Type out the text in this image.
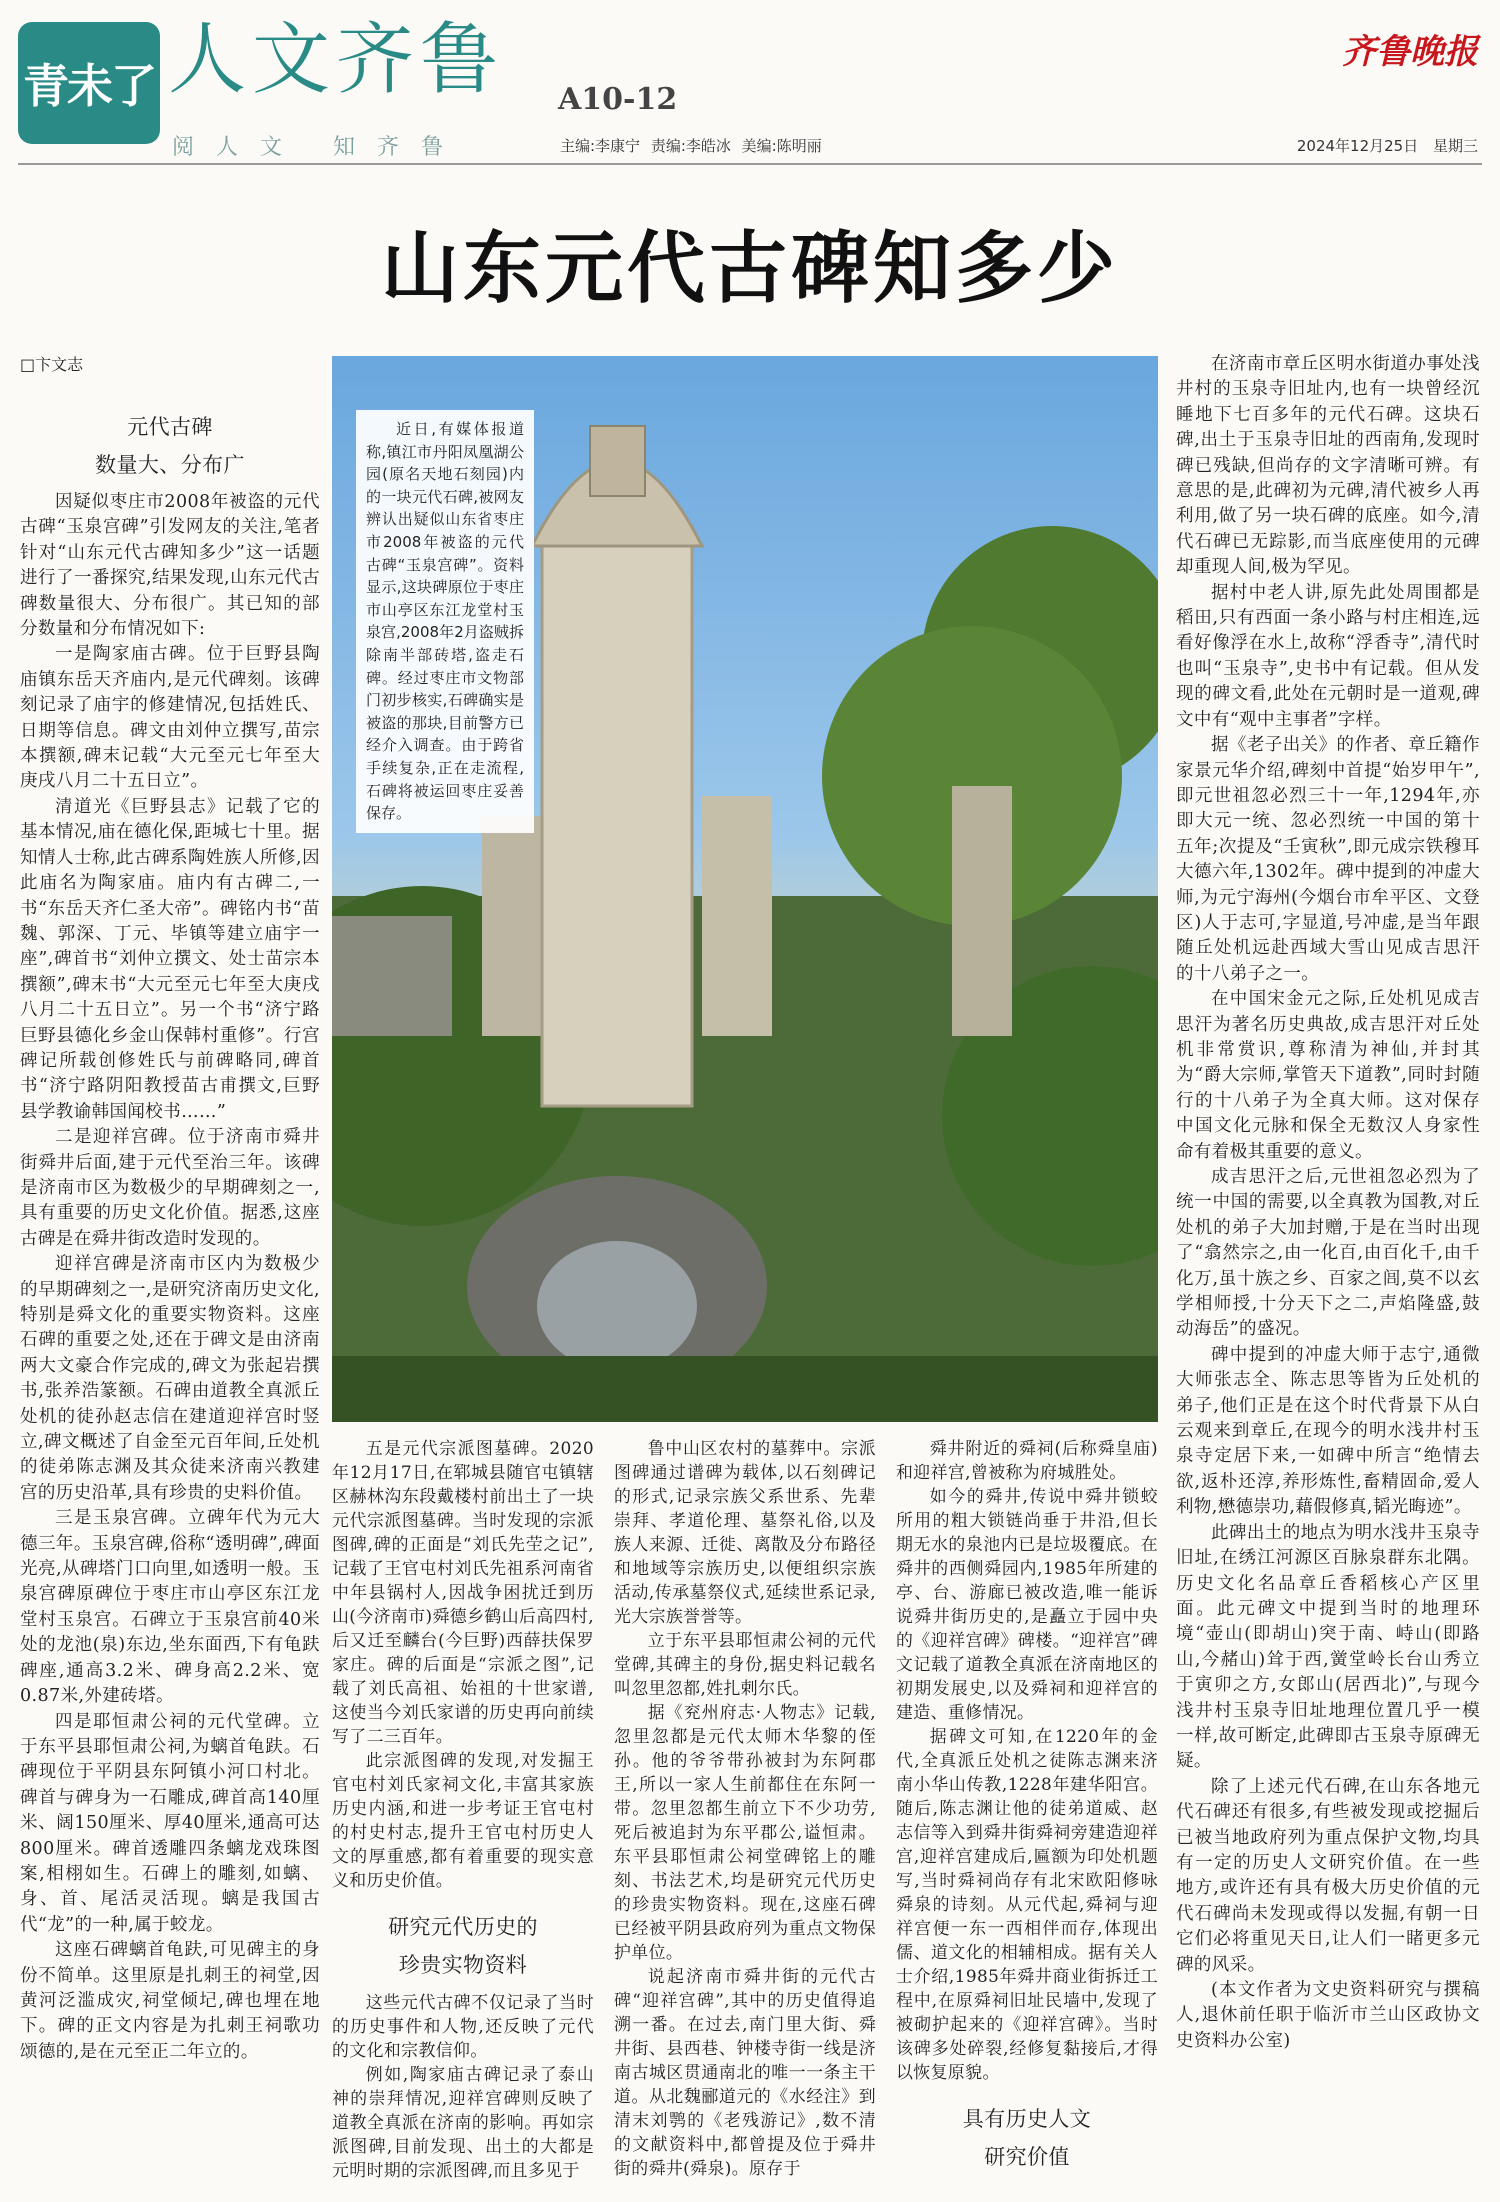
青未了 人文齐鲁
阅人文 知齐鲁
A10-12
主编:李康宁 责编:李皓冰 美编:陈明丽
齐鲁晚报
2024年12月25日 星期三
山东元代古碑知多少
□卞文志
元代古碑
数量大、分布广

因疑似枣庄市2008年被盗的元代古碑“玉泉宫碑”引发网友的关注,笔者针对“山东元代古碑知多少”这一话题进行了一番探究,结果发现,山东元代古碑数量很大、分布很广。其已知的部分数量和分布情况如下:

一是陶家庙古碑。位于巨野县陶庙镇东岳天齐庙内,是元代碑刻。该碑刻记录了庙宇的修建情况,包括姓氏、日期等信息。碑文由刘仲立撰写,苗宗本撰额,碑末记载“大元至元七年至大庚戌八月二十五日立”。

清道光《巨野县志》记载了它的基本情况,庙在德化保,距城七十里。据知情人士称,此古碑系陶姓族人所修,因此庙名为陶家庙。庙内有古碑二,一书“东岳天齐仁圣大帝”。碑铭内书“苗魏、郭深、丁元、毕镇等建立庙宇一座”,碑首书“刘仲立撰文、处士苗宗本撰额”,碑末书“大元至元七年至大庚戌八月二十五日立”。另一个书“济宁路巨野县德化乡金山保韩村重修”。行宫碑记所载创修姓氏与前碑略同,碑首书“济宁路阴阳教授苗古甫撰文,巨野县学教谕韩国闻校书……”

二是迎祥宫碑。位于济南市舜井街舜井后面,建于元代至治三年。该碑是济南市区为数极少的早期碑刻之一,具有重要的历史文化价值。据悉,这座古碑是在舜井街改造时发现的。

迎祥宫碑是济南市区内为数极少的早期碑刻之一,是研究济南历史文化,特别是舜文化的重要实物资料。这座石碑的重要之处,还在于碑文是由济南两大文豪合作完成的,碑文为张起岩撰书,张养浩篆额。石碑由道教全真派丘处机的徒孙赵志信在建道迎祥宫时竖立,碑文概述了自金至元百年间,丘处机的徒弟陈志渊及其众徒来济南兴教建宫的历史沿革,具有珍贵的史料价值。

三是玉泉宫碑。立碑年代为元大德三年。玉泉宫碑,俗称“透明碑”,碑面光亮,从碑塔门口向里,如透明一般。玉泉宫碑原碑位于枣庄市山亭区东江龙堂村玉泉宫。石碑立于玉泉宫前40米处的龙池(泉)东边,坐东面西,下有龟趺碑座,通高3.2米、碑身高2.2米、宽0.87米,外建砖塔。

四是耶恒肃公祠的元代堂碑。立于东平县耶恒肃公祠,为螭首龟趺。石碑现位于平阴县东阿镇小河口村北。碑首与碑身为一石雕成,碑首高140厘米、阔150厘米、厚40厘米,通高可达800厘米。碑首透雕四条螭龙戏珠图案,相栩如生。石碑上的雕刻,如螭、身、首、尾活灵活现。螭是我国古代“龙”的一种,属于蛟龙。

这座石碑螭首龟趺,可见碑主的身份不简单。这里原是扎刺王的祠堂,因黄河泛滥成灾,祠堂倾圮,碑也埋在地下。碑的正文内容是为扎刺王祠歌功颂德的,是在元至正二年立的。

近日,有媒体报道称,镇江市丹阳凤凰湖公园(原名天地石刻园)内的一块元代石碑,被网友辨认出疑似山东省枣庄市2008年被盗的元代古碑“玉泉宫碑”。资料显示,这块碑原位于枣庄市山亭区东江龙堂村玉泉宫,2008年2月盗贼拆除南半部砖塔,盗走石碑。经过枣庄市文物部门初步核实,石碑确实是被盗的那块,目前警方已经介入调查。由于跨省手续复杂,正在走流程,石碑将被运回枣庄妥善保存。

五是元代宗派图墓碑。2020年12月17日,在郓城县随官屯镇辖区赫林沟东段戴楼村前出土了一块元代宗派图墓碑。当时发现的宗派图碑,碑的正面是“刘氏先茔之记”,记载了王官屯村刘氏先祖系河南省中年县锅村人,因战争困扰迁到历山(今济南市)舜德乡鹤山后高四村,后又迁至麟台(今巨野)西薛扶保罗家庄。碑的后面是“宗派之图”,记载了刘氏高祖、始祖的十世家谱,这使当今刘氏家谱的历史再向前续写了二三百年。

此宗派图碑的发现,对发掘王官屯村刘氏家祠文化,丰富其家族历史内涵,和进一步考证王官屯村的村史村志,提升王官屯村历史人文的厚重感,都有着重要的现实意义和历史价值。

研究元代历史的
珍贵实物资料

这些元代古碑不仅记录了当时的历史事件和人物,还反映了元代的文化和宗教信仰。

例如,陶家庙古碑记录了泰山神的崇拜情况,迎祥宫碑则反映了道教全真派在济南的影响。再如宗派图碑,目前发现、出土的大都是元明时期的宗派图碑,而且多见于

鲁中山区农村的墓葬中。宗派图碑通过谱碑为载体,以石刻碑记的形式,记录宗族父系世系、先辈崇拜、孝道伦理、墓祭礼俗,以及族人来源、迁徙、离散及分布路径和地域等宗族历史,以便组织宗族活动,传承墓祭仪式,延续世系记录,光大宗族誉誉等。

立于东平县耶恒肃公祠的元代堂碑,其碑主的身份,据史料记载名叫忽里忽都,姓扎剌尔氏。

据《兖州府志·人物志》记载,忽里忽都是元代太师木华黎的侄孙。他的爷爷带孙被封为东阿郡王,所以一家人生前都住在东阿一带。忽里忽都生前立下不少功劳,死后被追封为东平郡公,谥恒肃。东平县耶恒肃公祠堂碑铭上的雕刻、书法艺术,均是研究元代历史的珍贵实物资料。现在,这座石碑已经被平阴县政府列为重点文物保护单位。

说起济南市舜井街的元代古碑“迎祥宫碑”,其中的历史值得追溯一番。在过去,南门里大街、舜井街、县西巷、钟楼寺街一线是济南古城区贯通南北的唯一一条主干道。从北魏郦道元的《水经注》到清末刘鹗的《老残游记》,数不清的文献资料中,都曾提及位于舜井街的舜井(舜泉)。原存于

舜井附近的舜祠(后称舜皇庙)和迎祥宫,曾被称为府城胜处。

如今的舜井,传说中舜井锁蛟所用的粗大锁链尚垂于井沿,但长期无水的泉池内已是垃圾覆底。在舜井的西侧舜园内,1985年所建的亭、台、游廊已被改造,唯一能诉说舜井街历史的,是矗立于园中央的《迎祥宫碑》碑楼。“迎祥宫”碑文记载了道教全真派在济南地区的初期发展史,以及舜祠和迎祥宫的建造、重修情况。

据碑文可知,在1220年的金代,全真派丘处机之徒陈志渊来济南小华山传教,1228年建华阳宫。随后,陈志渊让他的徒弟道威、赵志信等入到舜井街舜祠旁建造迎祥宫,迎祥宫建成后,匾额为印处机题写,当时舜祠尚存有北宋欧阳修咏舜泉的诗刻。从元代起,舜祠与迎祥宫便一东一西相伴而存,体现出儒、道文化的相辅相成。据有关人士介绍,1985年舜井商业街拆迁工程中,在原舜祠旧址民墙中,发现了被砌护起来的《迎祥宫碑》。当时该碑多处碎裂,经修复黏接后,才得以恢复原貌。

具有历史人文
研究价值

在济南市章丘区明水街道办事处浅井村的玉泉寺旧址内,也有一块曾经沉睡地下七百多年的元代石碑。这块石碑,出土于玉泉寺旧址的西南角,发现时碑已残缺,但尚存的文字清晰可辨。有意思的是,此碑初为元碑,清代被乡人再利用,做了另一块石碑的底座。如今,清代石碑已无踪影,而当底座使用的元碑却重现人间,极为罕见。

据村中老人讲,原先此处周围都是稻田,只有西面一条小路与村庄相连,远看好像浮在水上,故称“浮香寺”,清代时也叫“玉泉寺”,史书中有记载。但从发现的碑文看,此处在元朝时是一道观,碑文中有“观中主事者”字样。

据《老子出关》的作者、章丘籍作家景元华介绍,碑刻中首提“始岁甲午”,即元世祖忽必烈三十一年,1294年,亦即大元一统、忽必烈统一中国的第十五年;次提及“壬寅秋”,即元成宗铁穆耳大德六年,1302年。碑中提到的冲虚大师,为元宁海州(今烟台市牟平区、文登区)人于志可,字显道,号冲虚,是当年跟随丘处机远赴西域大雪山见成吉思汗的十八弟子之一。

在中国宋金元之际,丘处机见成吉思汗为著名历史典故,成吉思汗对丘处机非常赏识,尊称清为神仙,并封其为“爵大宗师,掌管天下道教”,同时封随行的十八弟子为全真大师。这对保存中国文化元脉和保全无数汉人身家性命有着极其重要的意义。

成吉思汗之后,元世祖忽必烈为了统一中国的需要,以全真教为国教,对丘处机的弟子大加封赠,于是在当时出现了“翕然宗之,由一化百,由百化千,由千化万,虽十族之乡、百家之闾,莫不以玄学相师授,十分天下之二,声焰隆盛,鼓动海岳”的盛况。

碑中提到的冲虚大师于志宁,通微大师张志全、陈志思等皆为丘处机的弟子,他们正是在这个时代背景下从白云观来到章丘,在现今的明水浅井村玉泉寺定居下来,一如碑中所言“绝情去欲,返朴还淳,养形炼性,畜精固命,爱人利物,懋德崇功,藉假修真,韬光晦迹”。

此碑出土的地点为明水浅井玉泉寺旧址,在绣江河源区百脉泉群东北隅。历史文化名品章丘香稻核心产区里面。此元碑文中提到当时的地理环境“壶山(即胡山)突于南、峙山(即路山,今赭山)耸于西,黉堂岭长台山秀立于寅卯之方,女郎山(居西北)”,与现今浅井村玉泉寺旧址地理位置几乎一模一样,故可断定,此碑即古玉泉寺原碑无疑。

除了上述元代石碑,在山东各地元代石碑还有很多,有些被发现或挖掘后已被当地政府列为重点保护文物,均具有一定的历史人文研究价值。在一些地方,或许还有具有极大历史价值的元代石碑尚未发现或得以发掘,有朝一日它们必将重见天日,让人们一睹更多元碑的风采。

(本文作者为文史资料研究与撰稿人,退休前任职于临沂市兰山区政协文史资料办公室)
